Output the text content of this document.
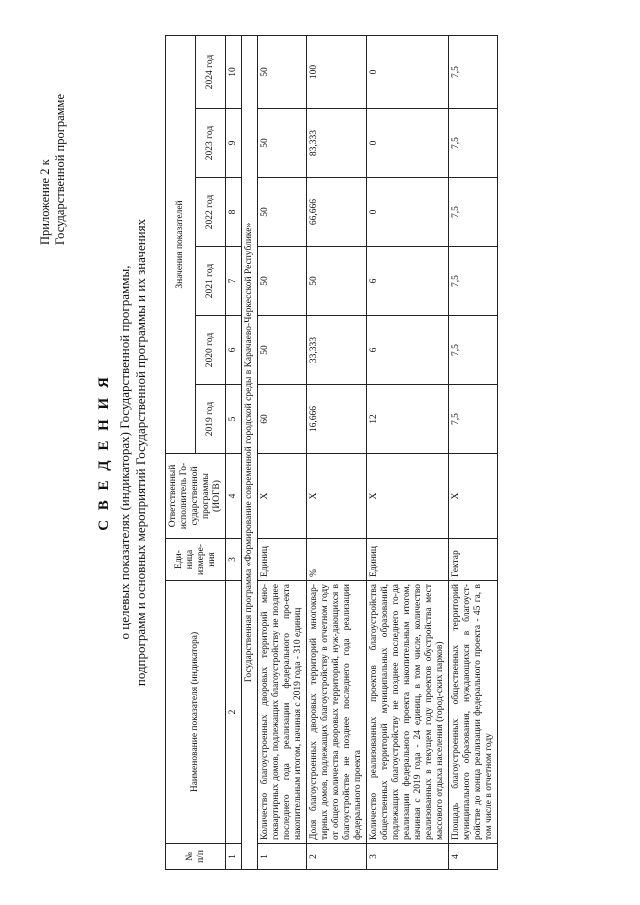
Приложение 2 к Государственной программе
С В Е Д Е Н И Я о целевых показателях (индикаторах) Государственной программы, подпрограмм и основных мероприятий Государственной программы и их значениях
№ п/п	Наименование показателя (индикатора)	Еди-ница измере-ния	Ответственный исполнитель Го-сударственной программы (ИОГВ)	Значения показателей					
				2019 год	2020 год	2021 год	2022 год	2023 год	2024 год
1	2	3	4	5	6	7	8	9	10
Государственная программа «Формирование современной городской среды в Карачаево-Черкесской Республике»									
1	Количество благоустроенных дворовых территорий мно-гоквартирных домов, подлежащих благоустройству не позднее последнего года реализации федерального про-екта накопительным итогом, начиная с 2019 года - 310 единиц	Единиц	Х	60	50	50	50	50	50
2	Доля благоустроенных дворовых территорий многоквар-тирных домов, подлежащих благоустройству в отчетном году от общего количества дворовых территорий, нуж-дающихся в благоустройстве не позднее последнего года реализации федерального проекта	%	Х	16,666	33,333	50	66,666	83,333	100
3	Количество реализованных проектов благоустройства общественных территорий муниципальных образований, подлежащих благоустройству не позднее последнего го-да реализации федерального проекта накопительным итогом, начиная с 2019 года - 24 единиц, в том числе, количество реализованных в текущем году проектов обустройства мест массового отдыха населения (город-ских парков)	Единиц	Х	12	6	6	0	0	0
4	Площадь благоустроенных общественных территорий муниципального образования, нуждающихся в благоуст-ройстве до конца реализации федерального проекта - 45 га, в том числе в отчетном году	Гектар	Х	7,5	7,5	7,5	7,5	7,5	7,5
